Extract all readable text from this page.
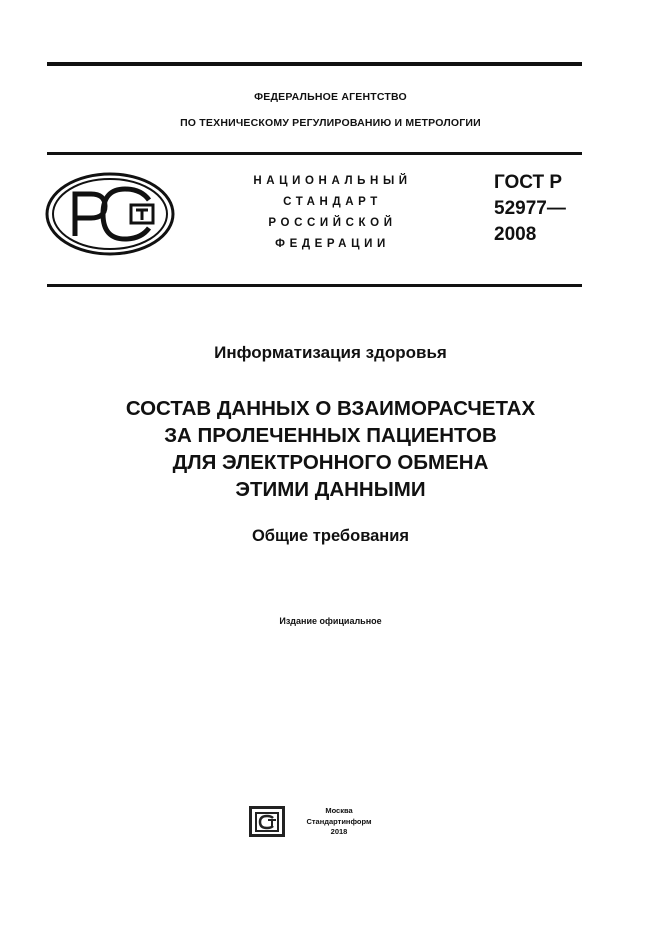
ФЕДЕРАЛЬНОЕ АГЕНТСТВО
ПО ТЕХНИЧЕСКОМУ РЕГУЛИРОВАНИЮ И МЕТРОЛОГИИ
НАЦИОНАЛЬНЫЙ
СТАНДАРТ
РОССИЙСКОЙ
ФЕДЕРАЦИИ
ГОСТ Р
52977—
2008
Информатизация здоровья
СОСТАВ ДАННЫХ О ВЗАИМОРАСЧЕТАХ
ЗА ПРОЛЕЧЕННЫХ ПАЦИЕНТОВ
ДЛЯ ЭЛЕКТРОННОГО ОБМЕНА
ЭТИМИ ДАННЫМИ
Общие требования
Издание официальное
Москва
Стандартинформ
2018
